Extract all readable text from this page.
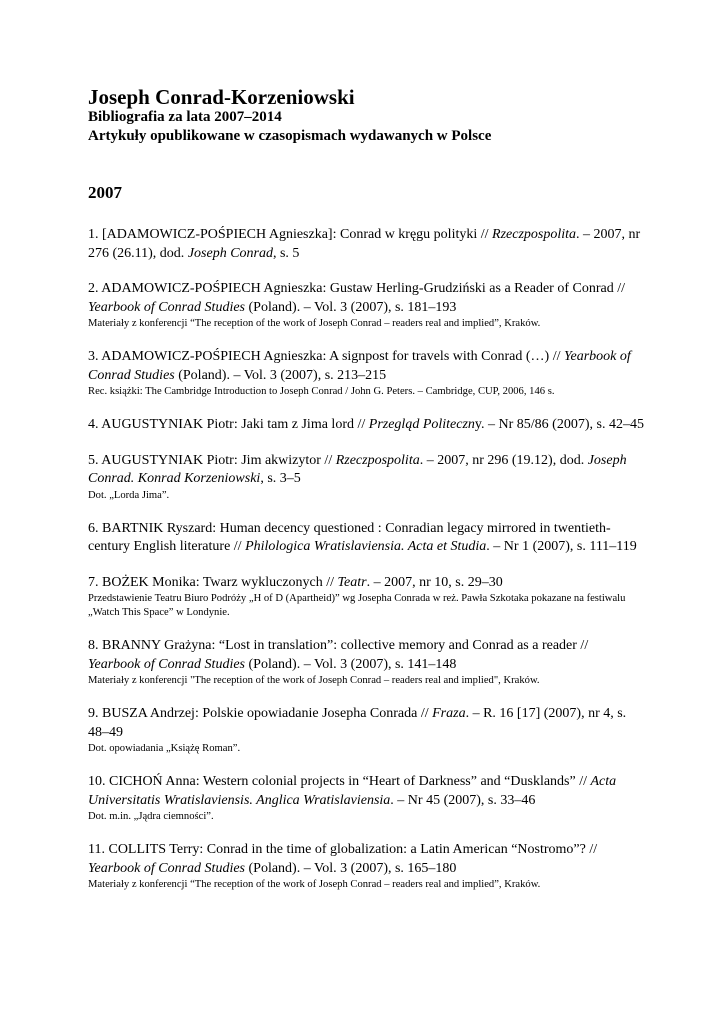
Joseph Conrad-Korzeniowski

Bibliografia za lata 2007–2014

Artykuły opublikowane w czasopismach wydawanych w Polsce

2007

1. [ADAMOWICZ-POŚPIECH Agnieszka]: Conrad w kręgu polityki // Rzeczpospolita. – 2007, nr 276 (26.11), dod. Joseph Conrad, s. 5

2. ADAMOWICZ-POŚPIECH Agnieszka: Gustaw Herling-Grudziński as a Reader of Conrad // Yearbook of Conrad Studies (Poland). – Vol. 3 (2007), s. 181–193

Materiały z konferencji “The reception of the work of Joseph Conrad – readers real and implied”, Kraków.

3. ADAMOWICZ-POŚPIECH Agnieszka: A signpost for travels with Conrad (…) // Yearbook of Conrad Studies (Poland). – Vol. 3 (2007), s. 213–215

Rec. książki: The Cambridge Introduction to Joseph Conrad / John G. Peters. – Cambridge, CUP, 2006, 146 s.

4. AUGUSTYNIAK Piotr: Jaki tam z Jima lord // Przegląd Politeczny. – Nr 85/86 (2007), s. 42–45

5. AUGUSTYNIAK Piotr: Jim akwizytor // Rzeczpospolita. – 2007, nr 296 (19.12), dod. Joseph Conrad. Konrad Korzeniowski, s. 3–5

Dot. „Lorda Jima”.

6. BARTNIK Ryszard: Human decency questioned : Conradian legacy mirrored in twentieth-century English literature // Philologica Wratislaviensia. Acta et Studia. – Nr 1 (2007), s. 111–119

7. BOŻEK Monika: Twarz wykluczonych // Teatr. – 2007, nr 10, s. 29–30

Przedstawienie Teatru Biuro Podróży „H of D (Apartheid)” wg Josepha Conrada w reż. Pawła Szkotaka pokazane na festiwalu „Watch This Space” w Londynie.

8. BRANNY Grażyna: “Lost in translation”: collective memory and Conrad as a reader // Yearbook of Conrad Studies (Poland). – Vol. 3 (2007), s. 141–148

Materiały z konferencji "The reception of the work of Joseph Conrad – readers real and implied", Kraków.

9. BUSZA Andrzej: Polskie opowiadanie Josepha Conrada // Fraza. – R. 16 [17] (2007), nr 4, s. 48–49

Dot. opowiadania „Książę Roman”.

10. CICHOŃ Anna: Western colonial projects in “Heart of Darkness” and “Dusklands” // Acta Universitatis Wratislaviensis. Anglica Wratislaviensia. – Nr 45 (2007), s. 33–46

Dot. m.in. „Jądra ciemności”.

11. COLLITS Terry: Conrad in the time of globalization: a Latin American “Nostromo”? // Yearbook of Conrad Studies (Poland). – Vol. 3 (2007), s. 165–180

Materiały z konferencji “The reception of the work of Joseph Conrad – readers real and implied”, Kraków.
